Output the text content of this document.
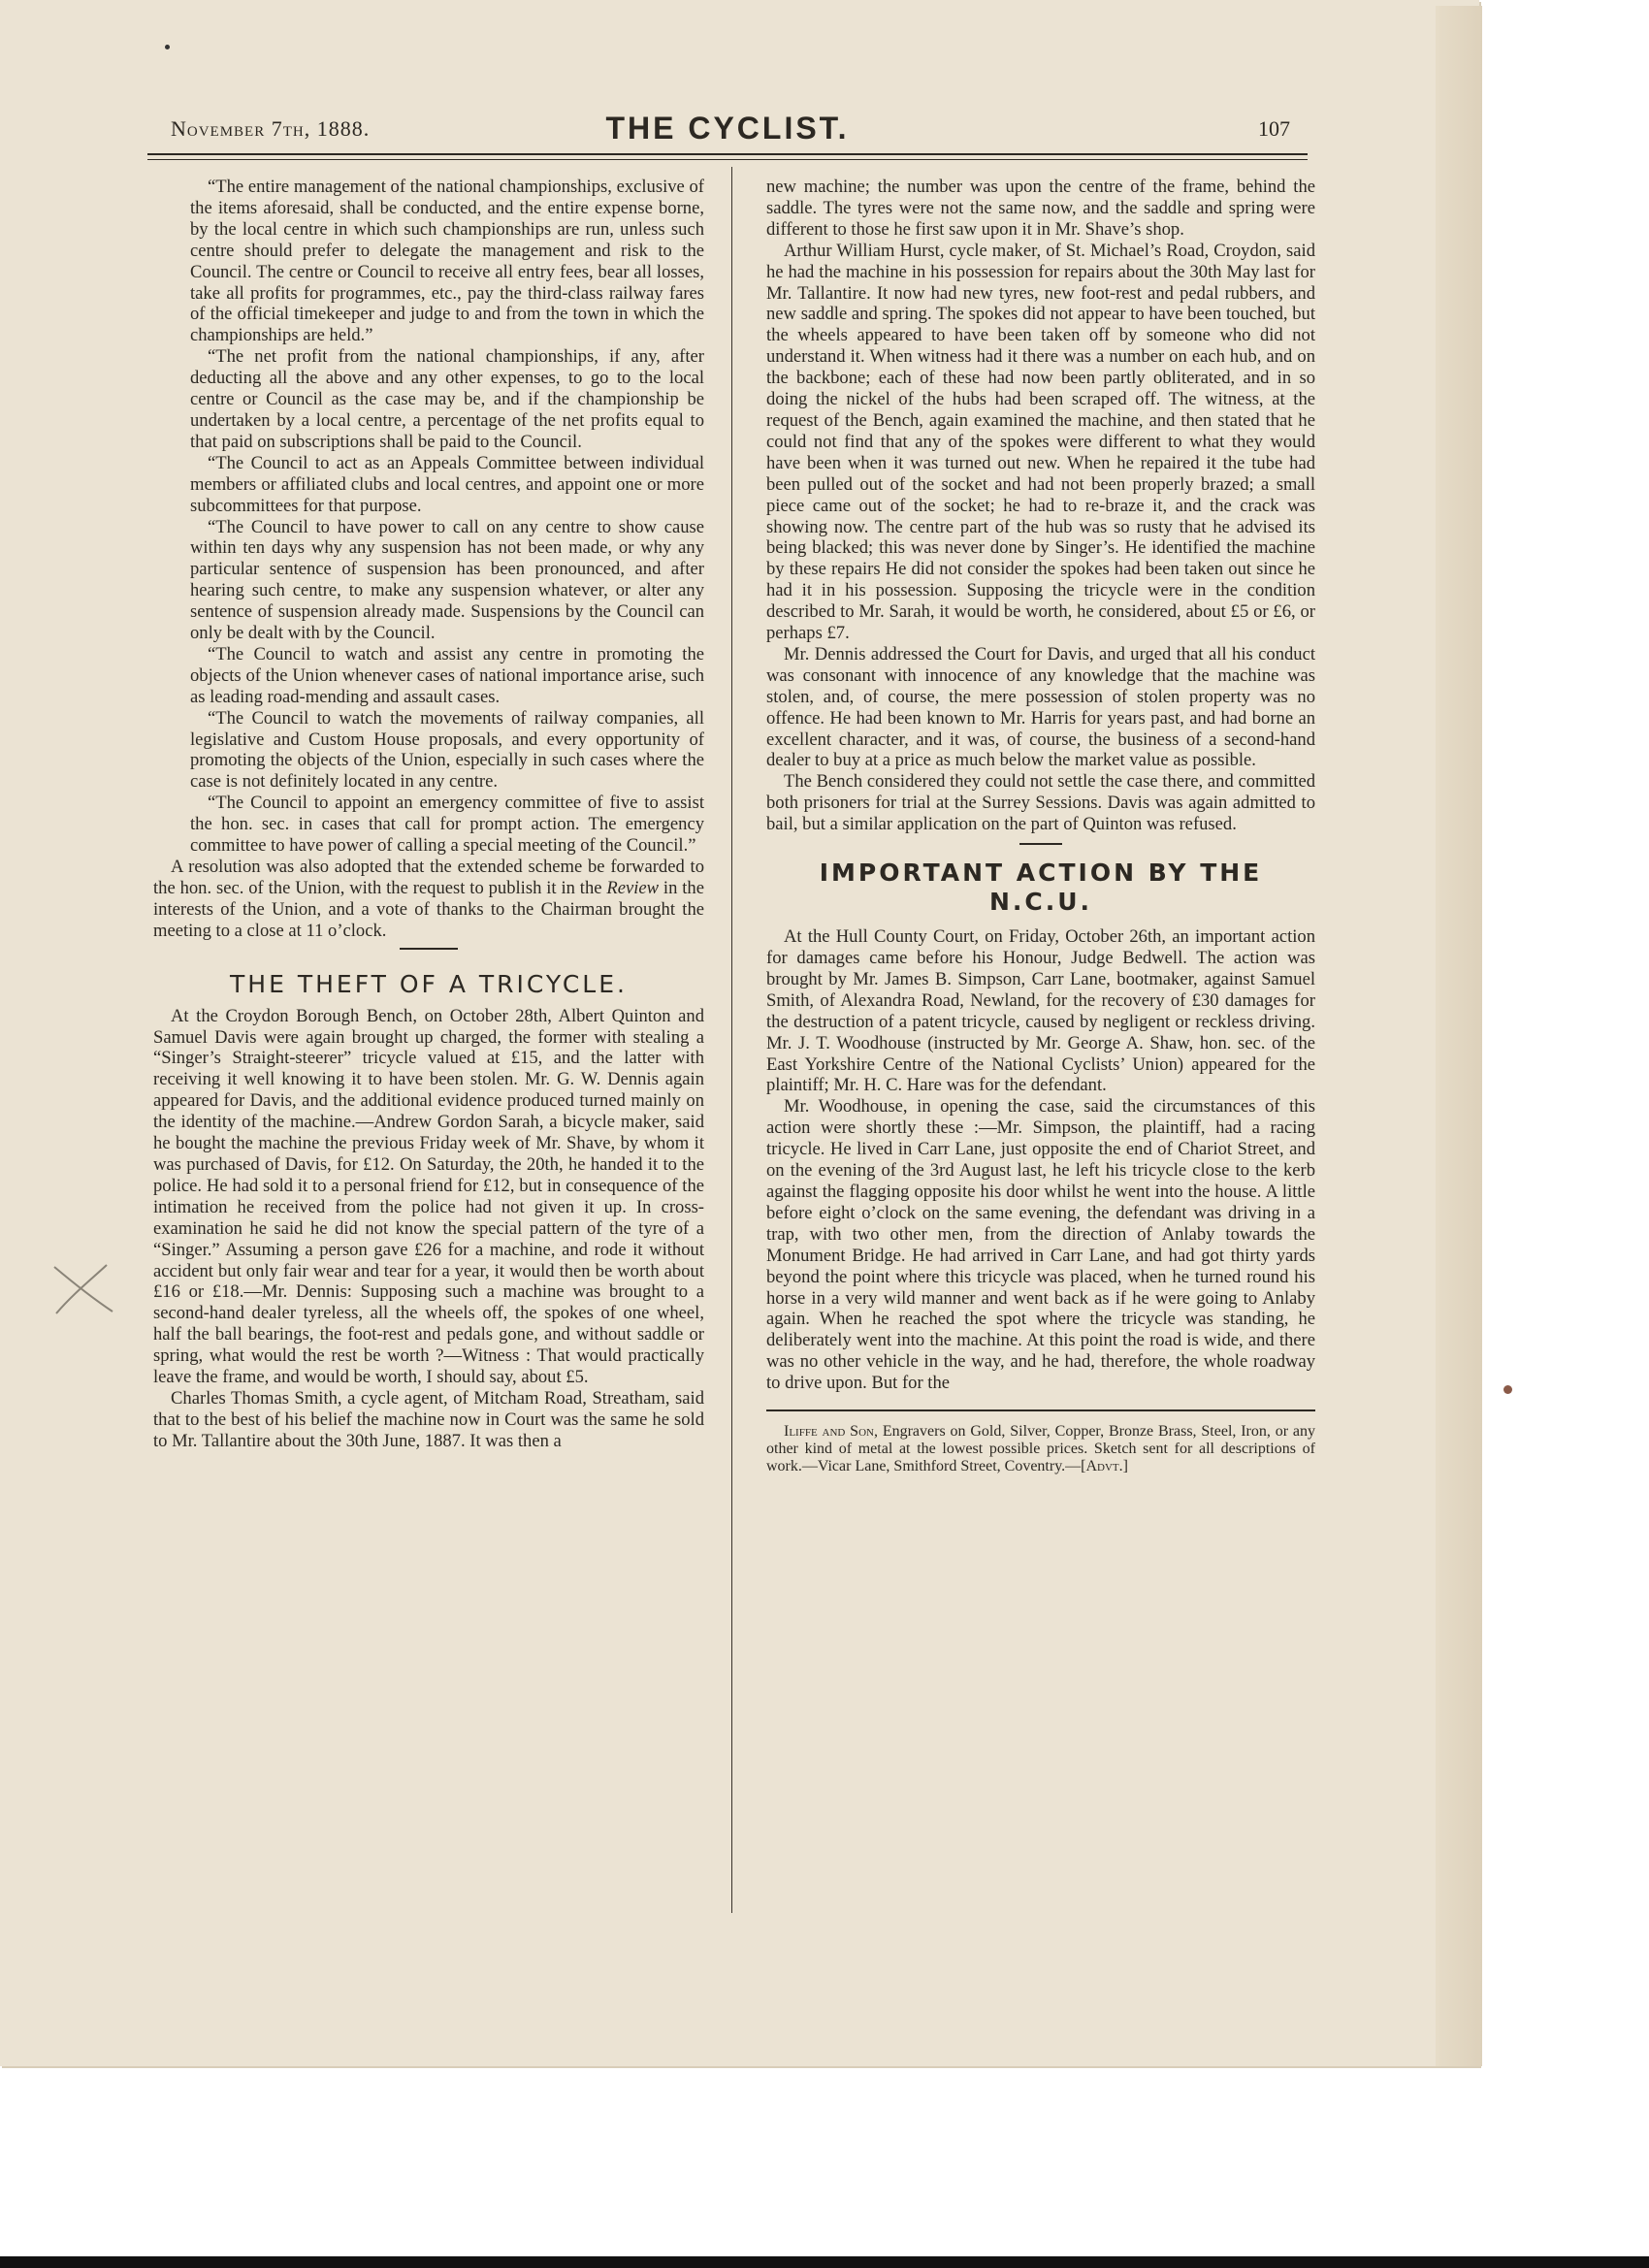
November 7th, 1888.	THE CYCLIST.	107

“The entire management of the national championships, exclusive of the items aforesaid, shall be conducted, and the entire expense borne, by the local centre in which such championships are run, unless such centre should prefer to delegate the management and risk to the Council. The centre or Council to receive all entry fees, bear all losses, take all profits for programmes, etc., pay the third-class railway fares of the official timekeeper and judge to and from the town in which the championships are held.”

“The net profit from the national championships, if any, after deducting all the above and any other expenses, to go to the local centre or Council as the case may be, and if the championship be undertaken by a local centre, a percentage of the net profits equal to that paid on subscriptions shall be paid to the Council.

“The Council to act as an Appeals Committee between individual members or affiliated clubs and local centres, and appoint one or more subcommittees for that purpose.

“The Council to have power to call on any centre to show cause within ten days why any suspension has not been made, or why any particular sentence of suspension has been pronounced, and after hearing such centre, to make any suspension whatever, or alter any sentence of suspension already made. Suspensions by the Council can only be dealt with by the Council.

“The Council to watch and assist any centre in promoting the objects of the Union whenever cases of national importance arise, such as leading road-mending and assault cases.

“The Council to watch the movements of railway companies, all legislative and Custom House proposals, and every opportunity of promoting the objects of the Union, especially in such cases where the case is not definitely located in any centre.

“The Council to appoint an emergency committee of five to assist the hon. sec. in cases that call for prompt action. The emergency committee to have power of calling a special meeting of the Council.”

A resolution was also adopted that the extended scheme be forwarded to the hon. sec. of the Union, with the request to publish it in the Review in the interests of the Union, and a vote of thanks to the Chairman brought the meeting to a close at 11 o’clock.

THE THEFT OF A TRICYCLE.

At the Croydon Borough Bench, on October 28th, Albert Quinton and Samuel Davis were again brought up charged, the former with stealing a “Singer’s Straight-steerer” tricycle valued at £15, and the latter with receiving it well knowing it to have been stolen. Mr. G. W. Dennis again appeared for Davis, and the additional evidence produced turned mainly on the identity of the machine.—Andrew Gordon Sarah, a bicycle maker, said he bought the machine the previous Friday week of Mr. Shave, by whom it was purchased of Davis, for £12. On Saturday, the 20th, he handed it to the police. He had sold it to a personal friend for £12, but in consequence of the intimation he received from the police had not given it up. In cross-examination he said he did not know the special pattern of the tyre of a “Singer.” Assuming a person gave £26 for a machine, and rode it without accident but only fair wear and tear for a year, it would then be worth about £16 or £18.—Mr. Dennis: Supposing such a machine was brought to a second-hand dealer tyreless, all the wheels off, the spokes of one wheel, half the ball bearings, the foot-rest and pedals gone, and without saddle or spring, what would the rest be worth ?—Witness : That would practically leave the frame, and would be worth, I should say, about £5.

Charles Thomas Smith, a cycle agent, of Mitcham Road, Streatham, said that to the best of his belief the machine now in Court was the same he sold to Mr. Tallantire about the 30th June, 1887. It was then a

new machine; the number was upon the centre of the frame, behind the saddle. The tyres were not the same now, and the saddle and spring were different to those he first saw upon it in Mr. Shave’s shop.

Arthur William Hurst, cycle maker, of St. Michael’s Road, Croydon, said he had the machine in his possession for repairs about the 30th May last for Mr. Tallantire. It now had new tyres, new foot-rest and pedal rubbers, and new saddle and spring. The spokes did not appear to have been touched, but the wheels appeared to have been taken off by someone who did not understand it. When witness had it there was a number on each hub, and on the backbone; each of these had now been partly obliterated, and in so doing the nickel of the hubs had been scraped off. The witness, at the request of the Bench, again examined the machine, and then stated that he could not find that any of the spokes were different to what they would have been when it was turned out new. When he repaired it the tube had been pulled out of the socket and had not been properly brazed; a small piece came out of the socket; he had to re-braze it, and the crack was showing now. The centre part of the hub was so rusty that he advised its being blacked; this was never done by Singer’s. He identified the machine by these repairs He did not consider the spokes had been taken out since he had it in his possession. Supposing the tricycle were in the condition described to Mr. Sarah, it would be worth, he considered, about £5 or £6, or perhaps £7.

Mr. Dennis addressed the Court for Davis, and urged that all his conduct was consonant with innocence of any knowledge that the machine was stolen, and, of course, the mere possession of stolen property was no offence. He had been known to Mr. Harris for years past, and had borne an excellent character, and it was, of course, the business of a second-hand dealer to buy at a price as much below the market value as possible.

The Bench considered they could not settle the case there, and committed both prisoners for trial at the Surrey Sessions. Davis was again admitted to bail, but a similar application on the part of Quinton was refused.

IMPORTANT ACTION BY THE N.C.U.

At the Hull County Court, on Friday, October 26th, an important action for damages came before his Honour, Judge Bedwell. The action was brought by Mr. James B. Simpson, Carr Lane, bootmaker, against Samuel Smith, of Alexandra Road, Newland, for the recovery of £30 damages for the destruction of a patent tricycle, caused by negligent or reckless driving. Mr. J. T. Woodhouse (instructed by Mr. George A. Shaw, hon. sec. of the East Yorkshire Centre of the National Cyclists’ Union) appeared for the plaintiff; Mr. H. C. Hare was for the defendant.

Mr. Woodhouse, in opening the case, said the circumstances of this action were shortly these :—Mr. Simpson, the plaintiff, had a racing tricycle. He lived in Carr Lane, just opposite the end of Chariot Street, and on the evening of the 3rd August last, he left his tricycle close to the kerb against the flagging opposite his door whilst he went into the house. A little before eight o’clock on the same evening, the defendant was driving in a trap, with two other men, from the direction of Anlaby towards the Monument Bridge. He had arrived in Carr Lane, and had got thirty yards beyond the point where this tricycle was placed, when he turned round his horse in a very wild manner and went back as if he were going to Anlaby again. When he reached the spot where the tricycle was standing, he deliberately went into the machine. At this point the road is wide, and there was no other vehicle in the way, and he had, therefore, the whole roadway to drive upon. But for the

Iliffe and Son, Engravers on Gold, Silver, Copper, Bronze Brass, Steel, Iron, or any other kind of metal at the lowest possible prices. Sketch sent for all descriptions of work.—Vicar Lane, Smithford Street, Coventry.—[Advt.]
